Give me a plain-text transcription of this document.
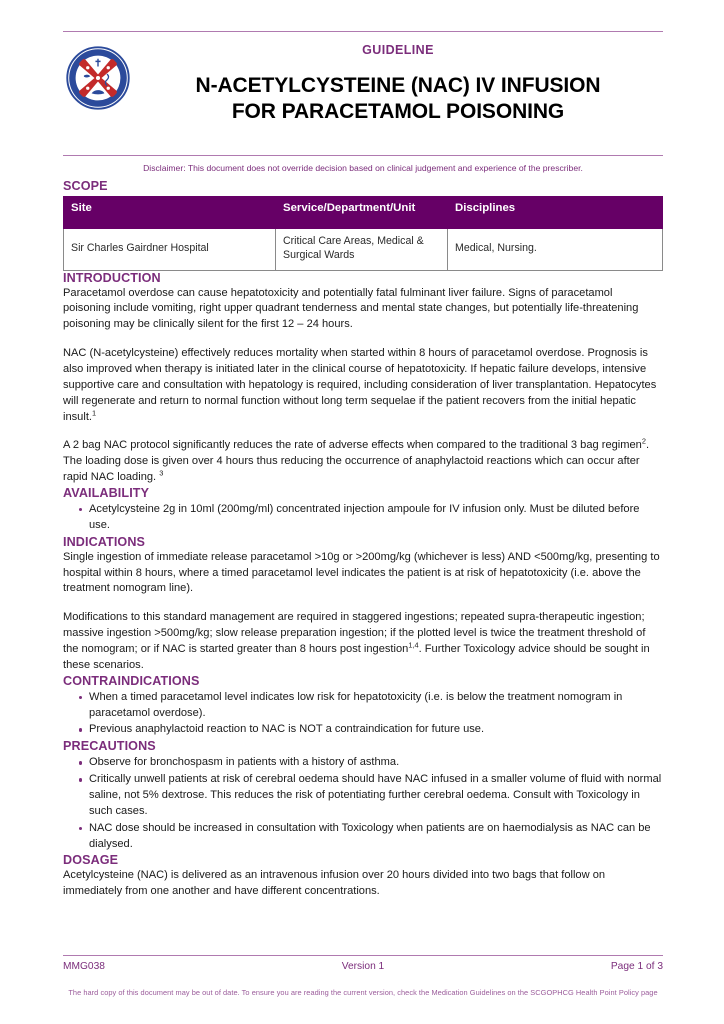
GUIDELINE
N-ACETYLCYSTEINE (NAC) IV INFUSION
FOR PARACETAMOL POISONING
Disclaimer: This document does not override decision based on clinical judgement and experience of the prescriber.
SCOPE
Site	Service/Department/Unit	Disciplines
Sir Charles Gairdner Hospital	Critical Care Areas, Medical & Surgical Wards	Medical, Nursing.
INTRODUCTION

Paracetamol overdose can cause hepatotoxicity and potentially fatal fulminant liver failure. Signs of paracetamol poisoning include vomiting, right upper quadrant tenderness and mental state changes, but potentially life-threatening poisoning may be clinically silent for the first 12 – 24 hours.

NAC (N-acetylcysteine) effectively reduces mortality when started within 8 hours of paracetamol overdose. Prognosis is also improved when therapy is initiated later in the clinical course of hepatotoxicity. If hepatic failure develops, intensive supportive care and consultation with hepatology is required, including consideration of liver transplantation. Hepatocytes will regenerate and return to normal function without long term sequelae if the patient recovers from the initial hepatic insult.$^1$

A 2 bag NAC protocol significantly reduces the rate of adverse effects when compared to the traditional 3 bag regimen$^2$. The loading dose is given over 4 hours thus reducing the occurrence of anaphylactoid reactions which can occur after rapid NAC loading. $^3$

AVAILABILITY
Acetylcysteine 2g in 10ml (200mg/ml) concentrated injection ampoule for IV infusion only. Must be diluted before use.
INDICATIONS

Single ingestion of immediate release paracetamol >10g or >200mg/kg (whichever is less) AND <500mg/kg, presenting to hospital within 8 hours, where a timed paracetamol level indicates the patient is at risk of hepatotoxicity (i.e. above the treatment nomogram line).

Modifications to this standard management are required in staggered ingestions; repeated supra-therapeutic ingestion; massive ingestion >500mg/kg; slow release preparation ingestion; if the plotted level is twice the treatment threshold of the nomogram; or if NAC is started greater than 8 hours post ingestion$^{1,4}$. Further Toxicology advice should be sought in these scenarios.

CONTRAINDICATIONS
When a timed paracetamol level indicates low risk for hepatotoxicity (i.e. is below the treatment nomogram in paracetamol overdose).
Previous anaphylactoid reaction to NAC is NOT a contraindication for future use.
PRECAUTIONS
Observe for bronchospasm in patients with a history of asthma.
Critically unwell patients at risk of cerebral oedema should have NAC infused in a smaller volume of fluid with normal saline, not 5% dextrose. This reduces the risk of potentiating further cerebral oedema. Consult with Toxicology in such cases.
NAC dose should be increased in consultation with Toxicology when patients are on haemodialysis as NAC can be dialysed.
DOSAGE

Acetylcysteine (NAC) is delivered as an intravenous infusion over 20 hours divided into two bags that follow on immediately from one another and have different concentrations.

MMG038	Version 1	Page 1 of 3
The hard copy of this document may be out of date. To ensure you are reading the current version, check the Medication Guidelines on the SCGOPHCG Health Point Policy page
